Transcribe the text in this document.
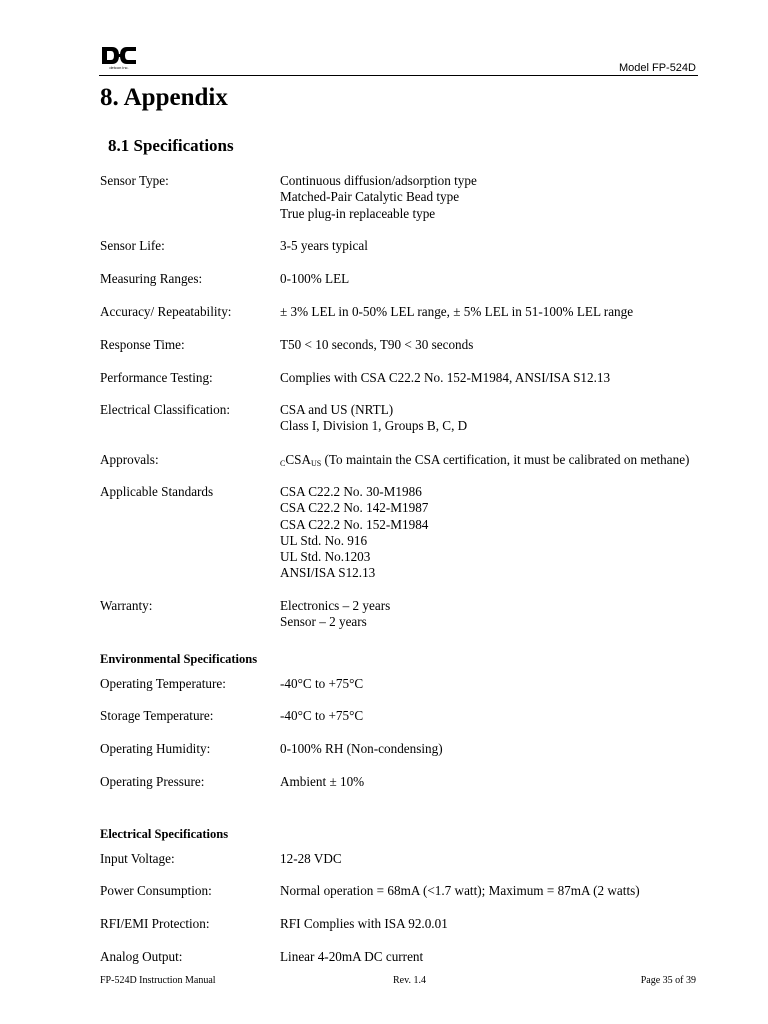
detcon inc.	Model FP-524D
8. Appendix
8.1 Specifications
Sensor Type:	Continuous diffusion/adsorption type
Matched-Pair Catalytic Bead type
True plug-in replaceable type
Sensor Life:	3-5 years typical
Measuring Ranges:	0-100% LEL
Accuracy/ Repeatability:	± 3% LEL in 0-50% LEL range, ± 5% LEL in 51-100% LEL range
Response Time:	T50 < 10 seconds, T90 < 30 seconds
Performance Testing:	Complies with CSA C22.2 No. 152-M1984, ANSI/ISA S12.13
Electrical Classification:	CSA and US (NRTL)
Class I, Division 1, Groups B, C, D
Approvals:	$_CCSA_{US}$ (To maintain the CSA certification, it must be calibrated on methane)
Applicable Standards	CSA C22.2 No. 30-M1986
CSA C22.2 No. 142-M1987
CSA C22.2 No. 152-M1984
UL Std. No. 916
UL Std. No.1203
ANSI/ISA S12.13
Warranty:	Electronics – 2 years
Sensor – 2 years
Environmental Specifications
Operating Temperature:	-40°C to +75°C
Storage Temperature:	-40°C to +75°C
Operating Humidity:	0-100% RH (Non-condensing)
Operating Pressure:	Ambient ± 10%
Electrical Specifications
Input Voltage:	12-28 VDC
Power Consumption:	Normal operation = 68mA (<1.7 watt); Maximum = 87mA (2 watts)
RFI/EMI Protection:	RFI Complies with ISA 92.0.01
Analog Output:	Linear 4-20mA DC current
FP-524D Instruction Manual	Rev. 1.4	Page 35 of 39
